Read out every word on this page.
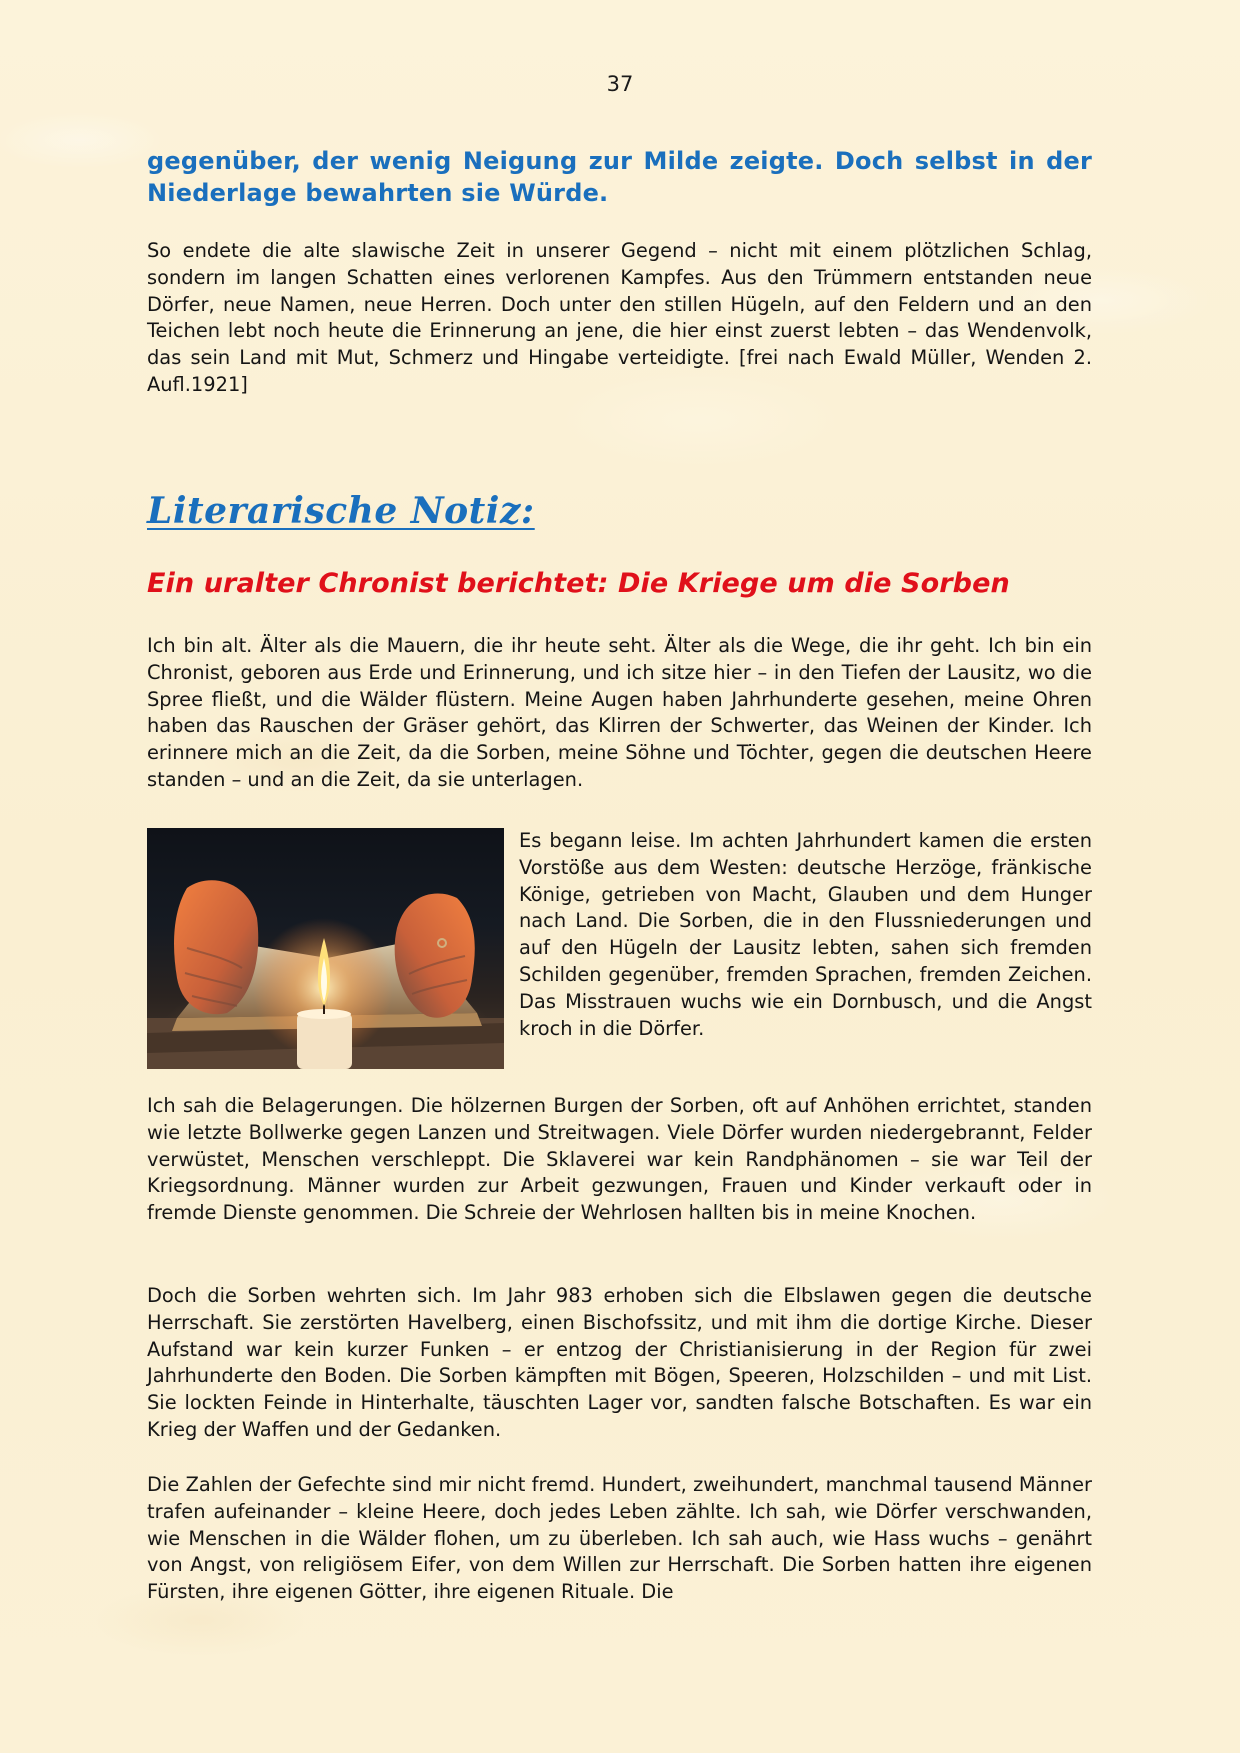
37

gegenüber, der wenig Neigung zur Milde zeigte. Doch selbst in der Niederlage bewahrten sie Würde.

So endete die alte slawische Zeit in unserer Gegend – nicht mit einem plötzlichen Schlag, sondern im langen Schatten eines verlorenen Kampfes. Aus den Trümmern entstanden neue Dörfer, neue Namen, neue Herren. Doch unter den stillen Hügeln, auf den Feldern und an den Teichen lebt noch heute die Erinnerung an jene, die hier einst zuerst lebten – das Wendenvolk, das sein Land mit Mut, Schmerz und Hingabe verteidigte. [frei nach Ewald Müller, Wenden 2. Aufl.1921]

Literarische Notiz:
Ein uralter Chronist berichtet: Die Kriege um die Sorben

Ich bin alt. Älter als die Mauern, die ihr heute seht. Älter als die Wege, die ihr geht. Ich bin ein Chronist, geboren aus Erde und Erinnerung, und ich sitze hier – in den Tiefen der Lausitz, wo die Spree fließt, und die Wälder flüstern. Meine Augen haben Jahrhunderte gesehen, meine Ohren haben das Rauschen der Gräser gehört, das Klirren der Schwerter, das Weinen der Kinder. Ich erinnere mich an die Zeit, da die Sorben, meine Söhne und Töchter, gegen die deutschen Heere standen – und an die Zeit, da sie unterlagen.

Es begann leise. Im achten Jahrhundert kamen die ersten Vorstöße aus dem Westen: deutsche Herzöge, fränkische Könige, getrieben von Macht, Glauben und dem Hunger nach Land. Die Sorben, die in den Flussniederungen und auf den Hügeln der Lausitz lebten, sahen sich fremden Schilden gegenüber, fremden Sprachen, fremden Zeichen. Das Misstrauen wuchs wie ein Dornbusch, und die Angst kroch in die Dörfer.

Ich sah die Belagerungen. Die hölzernen Burgen der Sorben, oft auf Anhöhen errichtet, standen wie letzte Bollwerke gegen Lanzen und Streitwagen. Viele Dörfer wurden niedergebrannt, Felder verwüstet, Menschen verschleppt. Die Sklaverei war kein Randphänomen – sie war Teil der Kriegsordnung. Männer wurden zur Arbeit gezwungen, Frauen und Kinder verkauft oder in fremde Dienste genommen. Die Schreie der Wehrlosen hallten bis in meine Knochen.

Doch die Sorben wehrten sich. Im Jahr 983 erhoben sich die Elbslawen gegen die deutsche Herrschaft. Sie zerstörten Havelberg, einen Bischofssitz, und mit ihm die dortige Kirche. Dieser Aufstand war kein kurzer Funken – er entzog der Christianisierung in der Region für zwei Jahrhunderte den Boden. Die Sorben kämpften mit Bögen, Speeren, Holzschilden – und mit List. Sie lockten Feinde in Hinterhalte, täuschten Lager vor, sandten falsche Botschaften. Es war ein Krieg der Waffen und der Gedanken.

Die Zahlen der Gefechte sind mir nicht fremd. Hundert, zweihundert, manchmal tausend Männer trafen aufeinander – kleine Heere, doch jedes Leben zählte. Ich sah, wie Dörfer verschwanden, wie Menschen in die Wälder flohen, um zu überleben. Ich sah auch, wie Hass wuchs – genährt von Angst, von religiösem Eifer, von dem Willen zur Herrschaft. Die Sorben hatten ihre eigenen Fürsten, ihre eigenen Götter, ihre eigenen Rituale. Die
